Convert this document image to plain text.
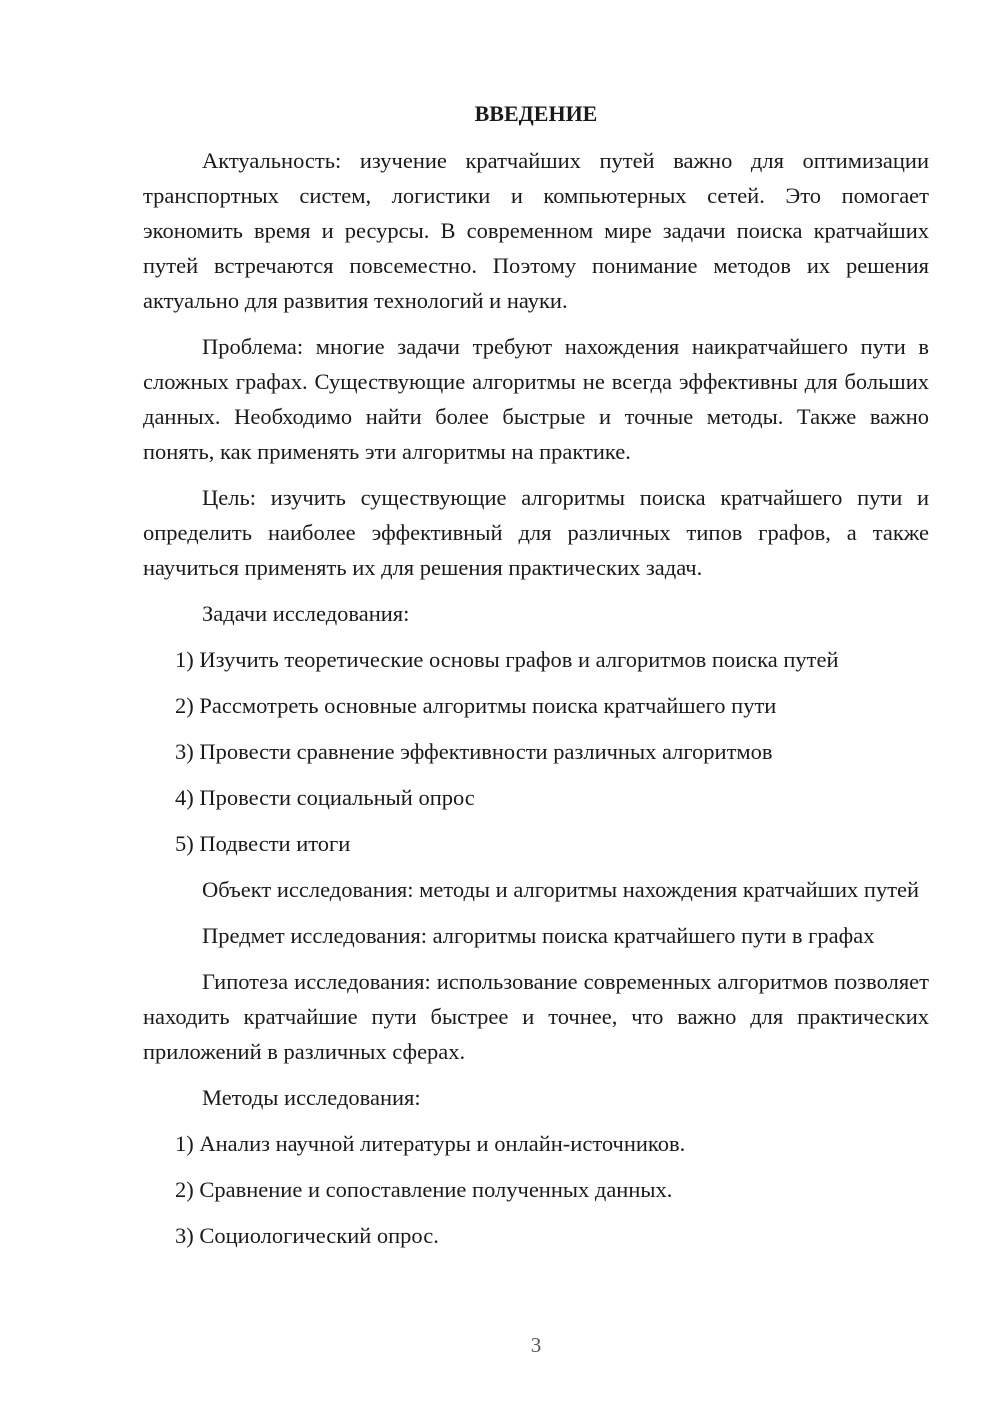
ВВЕДЕНИЕ

Актуальность: изучение кратчайших путей важно для оптимизации транспортных систем, логистики и компьютерных сетей. Это помогает экономить время и ресурсы. В современном мире задачи поиска кратчайших путей встречаются повсеместно. Поэтому понимание методов их решения актуально для развития технологий и науки.

Проблема: многие задачи требуют нахождения наикратчайшего пути в сложных графах. Существующие алгоритмы не всегда эффективны для больших данных. Необходимо найти более быстрые и точные методы. Также важно понять, как применять эти алгоритмы на практике.

Цель: изучить существующие алгоритмы поиска кратчайшего пути и определить наиболее эффективный для различных типов графов, а также научиться применять их для решения практических задач.

Задачи исследования:

1) Изучить теоретические основы графов и алгоритмов поиска путей
2) Рассмотреть основные алгоритмы поиска кратчайшего пути
3) Провести сравнение эффективности различных алгоритмов
4) Провести социальный опрос
5) Подвести итоги

Объект исследования: методы и алгоритмы нахождения кратчайших путей

Предмет исследования: алгоритмы поиска кратчайшего пути в графах

Гипотеза исследования: использование современных алгоритмов позволяет находить кратчайшие пути быстрее и точнее, что важно для практических приложений в различных сферах.

Методы исследования:

1) Анализ научной литературы и онлайн-источников.
2) Сравнение и сопоставление полученных данных.
3) Социологический опрос.
3
